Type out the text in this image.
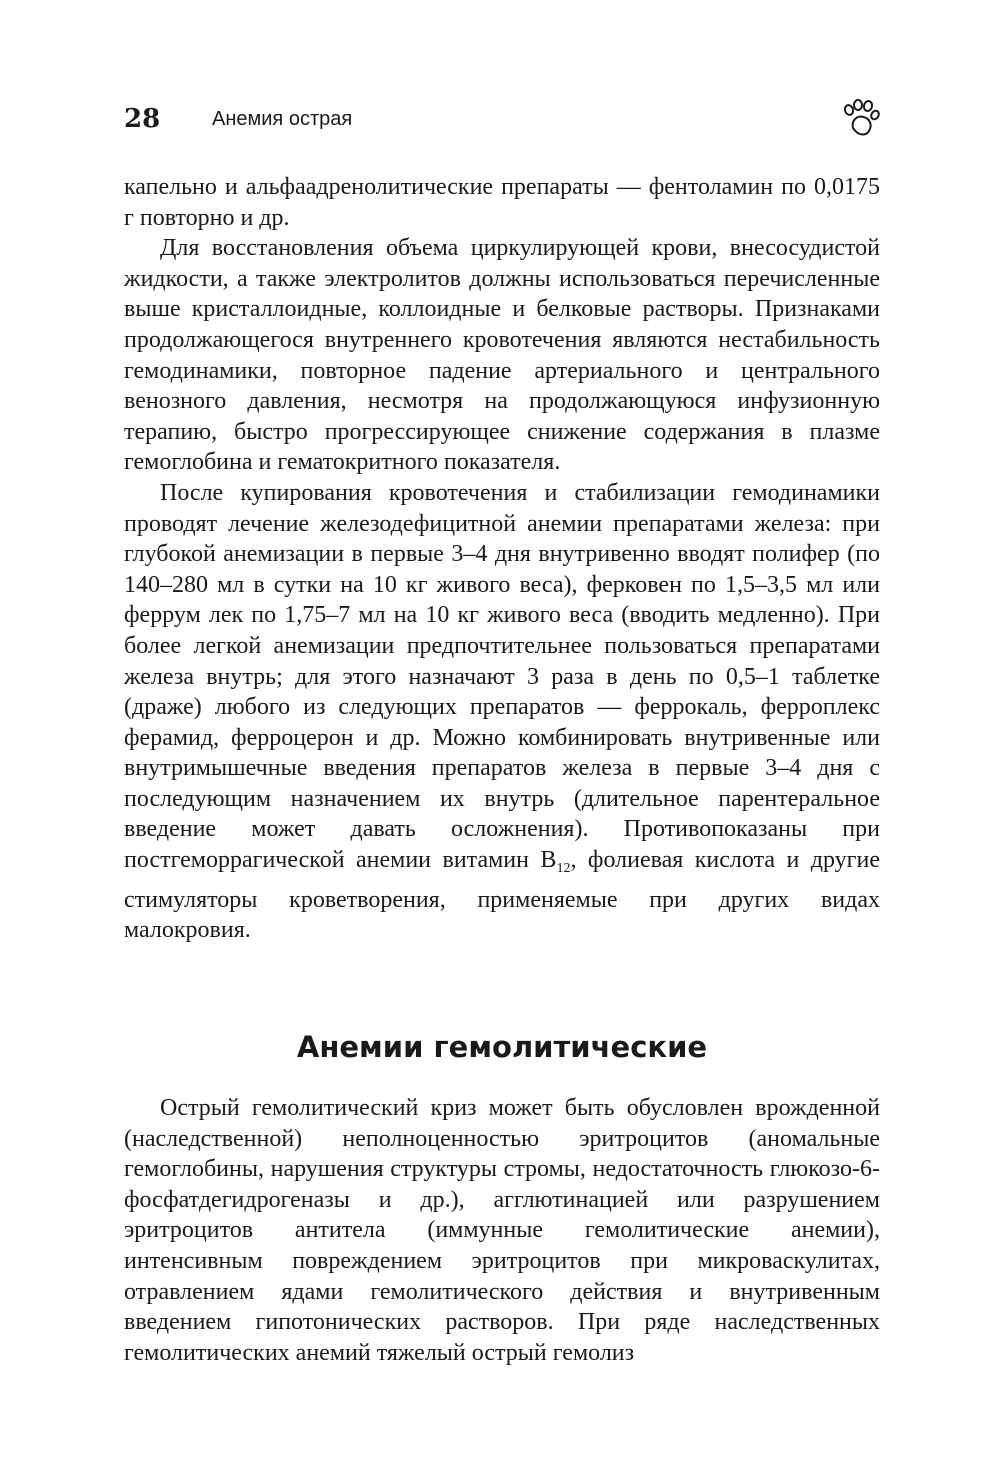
28	Анемия острая

капельно и альфаадренолитические препараты — фентоламин по 0,0175 г повторно и др.

Для восстановления объема циркулирующей крови, внесосудистой жидкости, а также электролитов должны использоваться перечисленные выше кристаллоидные, коллоидные и белковые растворы. Признаками продолжающегося внутреннего кровотечения являются нестабильность гемодинамики, повторное падение артериального и центрального венозного давления, несмотря на продолжающуюся инфузионную терапию, быстро прогрессирующее снижение содержания в плазме гемоглобина и гематокритного показателя.

После купирования кровотечения и стабилизации гемодинамики проводят лечение железодефицитной анемии препаратами железа: при глубокой анемизации в первые 3–4 дня внутривенно вводят полифер (по 140–280 мл в сутки на 10 кг живого веса), ферковен по 1,5–3,5 мл или феррум лек по 1,75–7 мл на 10 кг живого веса (вводить медленно). При более легкой анемизации предпочтительнее пользоваться препаратами железа внутрь; для этого назначают 3 раза в день по 0,5–1 таблетке (драже) любого из следующих препаратов — феррокаль, ферроплекс ферамид, ферроцерон и др. Можно комбинировать внутривенные или внутримышечные введения препаратов железа в первые 3–4 дня с последующим назначением их внутрь (длительное парентеральное введение может давать осложнения). Противопоказаны при постгеморрагической анемии витамин $В_{12}$, фолиевая кислота и другие стимуляторы кроветворения, применяемые при других видах малокровия.

Анемии гемолитические

Острый гемолитический криз может быть обусловлен врожденной (наследственной) неполноценностью эритроцитов (аномальные гемоглобины, нарушения структуры стромы, недостаточность глюкозо-6-фосфатдегидрогеназы и др.), агглютинацией или разрушением эритроцитов антитела (иммунные гемолитические анемии), интенсивным повреждением эритроцитов при микроваскулитах, отравлением ядами гемолитического действия и внутривенным введением гипотонических растворов. При ряде наследственных гемолитических анемий тяжелый острый гемолиз
